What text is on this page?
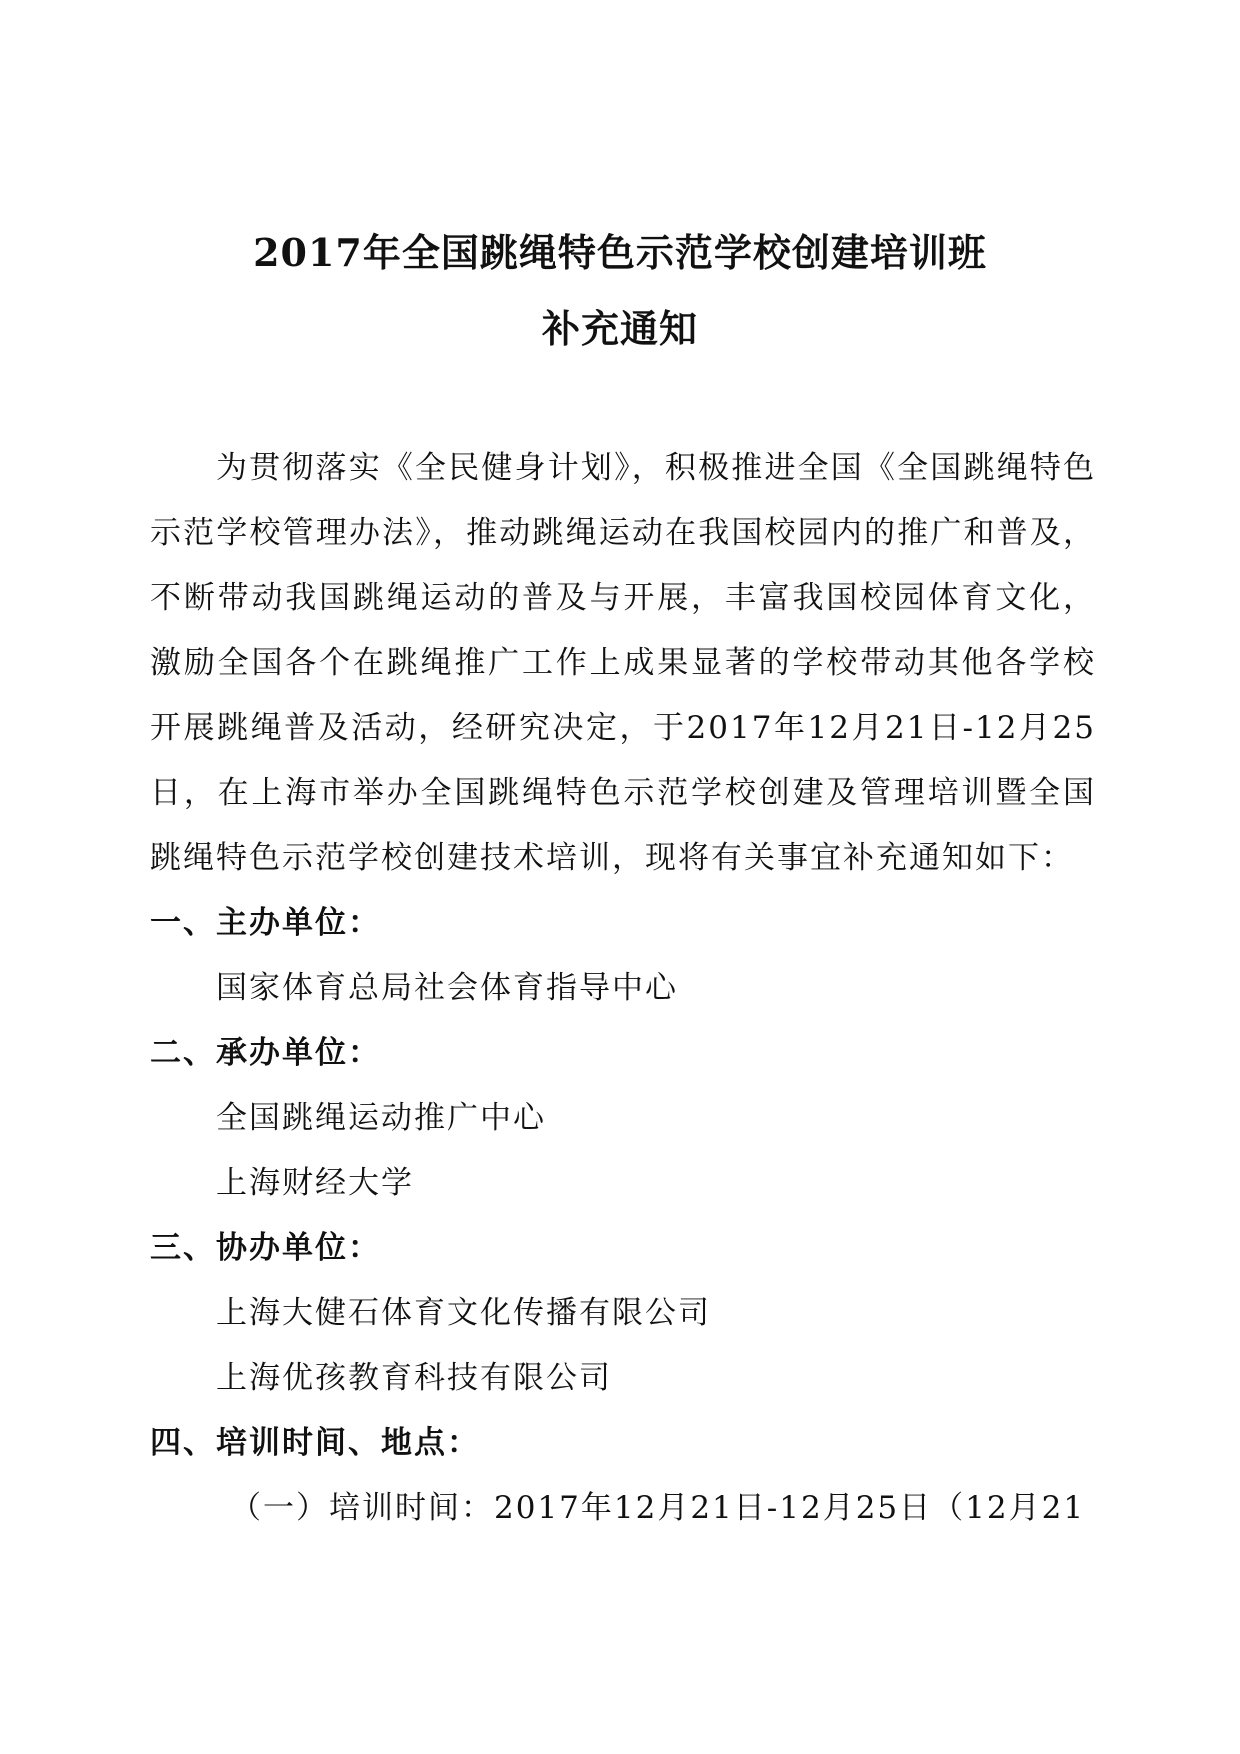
2017年全国跳绳特色示范学校创建培训班
补充通知

为贯彻落实《全民健身计划》，积极推进全国《全国跳绳特色示范学校管理办法》，推动跳绳运动在我国校园内的推广和普及，不断带动我国跳绳运动的普及与开展，丰富我国校园体育文化，激励全国各个在跳绳推广工作上成果显著的学校带动其他各学校开展跳绳普及活动，经研究决定，于2017年12月21日-12月25日，在上海市举办全国跳绳特色示范学校创建及管理培训暨全国跳绳特色示范学校创建技术培训，现将有关事宜补充通知如下：

一、主办单位：

国家体育总局社会体育指导中心

二、承办单位：

全国跳绳运动推广中心

上海财经大学

三、协办单位：

上海大健石体育文化传播有限公司

上海优孩教育科技有限公司

四、培训时间、地点：

（一）培训时间：2017年12月21日-12月25日（12月21
